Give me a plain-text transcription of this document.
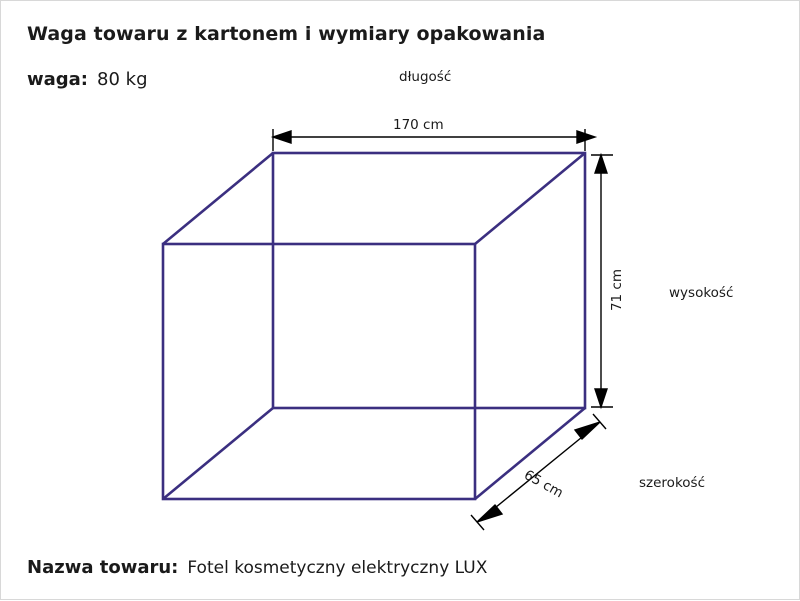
Waga towaru z kartonem i wymiary opakowania
waga: 80 kg	długość
170 cm
wysokość
71 cm
szerokość
65 cm
Nazwa towaru: Fotel kosmetyczny elektryczny LUX
